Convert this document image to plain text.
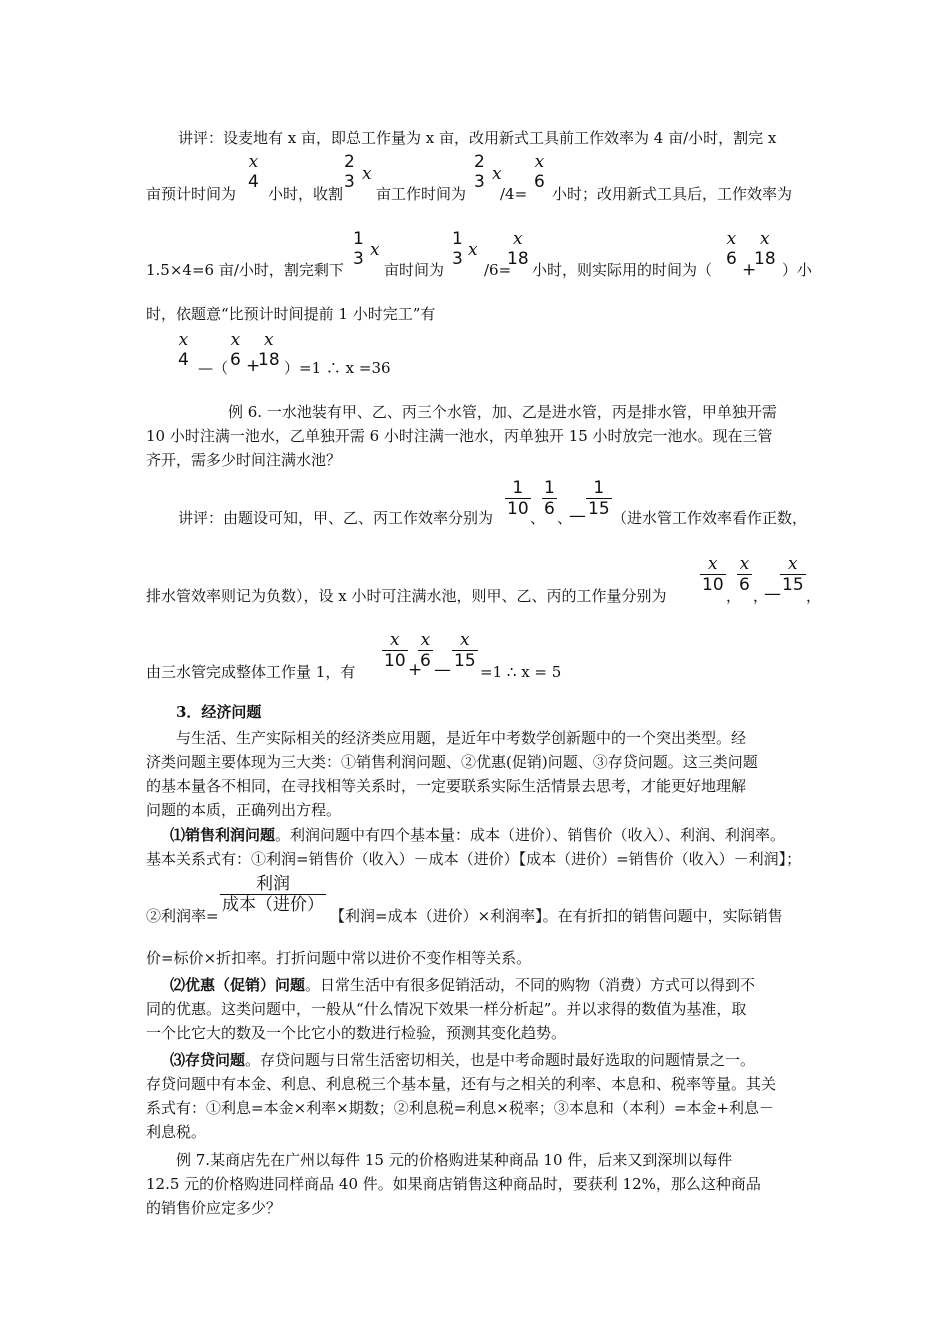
讲评：设麦地有 x 亩，即总工作量为 x 亩，改用新式工具前工作效率为 4 亩/小时，割完 x
x
4
2
3 x
2
3 x
x
6
亩预计时间为 小时，收割 亩工作时间为 /4= 小时；改用新式工具后，工作效率为
1
3 x
1
3 x
x
18
x
6
+
x
18
1.5×4=6 亩/小时，割完剩下	亩时间为	/6= 小时，则实际用的时间为（	）小
时，依题意“比预计时间提前 1 小时完工”有
x
4 —（
x
6 +
x
18 ）=1 ∴ x =36
例 6. 一水池装有甲、乙、丙三个水管，加、乙是进水管，丙是排水管，甲单独开需
10 小时注满一池水，乙单独开需 6 小时注满一池水，丙单独开 15 小时放完一池水。现在三管
齐开，需多少时间注满水池？
讲评：由题设可知，甲、乙、丙工作效率分别为
1
10 、
1
6 、
—
1
15 （进水管工作效率看作正数，
排水管效率则记为负数），设 x 小时可注满水池，则甲、乙、丙的工作量分别为
x
10
，
x
6
，
—
x
15
，
由三水管完成整体工作量 1，有
x
10 +
x
6 —
x
15
=1 ∴ x = 5
3．经济问题
与生活、生产实际相关的经济类应用题，是近年中考数学创新题中的一个突出类型。经
济类问题主要体现为三大类：①销售利润问题、②优惠(促销)问题、③存贷问题。这三类问题
的基本量各不相同，在寻找相等关系时，一定要联系实际生活情景去思考，才能更好地理解
问题的本质，正确列出方程。
⑴销售利润问题。利润问题中有四个基本量：成本（进价）、销售价（收入）、利润、利润率。
基本关系式有：①利润=销售价（收入）－成本（进价）【成本（进价）=销售价（收入）－利润】；
利润
成本（进价）
②利润率=	【利润=成本（进价）×利润率】。在有折扣的销售问题中，实际销售
价=标价×折扣率。打折问题中常以进价不变作相等关系。
⑵优惠（促销）问题。日常生活中有很多促销活动，不同的购物（消费）方式可以得到不
同的优惠。这类问题中，一般从“什么情况下效果一样分析起”。并以求得的数值为基准，取
一个比它大的数及一个比它小的数进行检验，预测其变化趋势。
⑶存贷问题。存贷问题与日常生活密切相关，也是中考命题时最好选取的问题情景之一。
存贷问题中有本金、利息、利息税三个基本量，还有与之相关的利率、本息和、税率等量。其关
系式有：①利息=本金×利率×期数；②利息税=利息×税率；③本息和（本利）=本金+利息－
利息税。
例 7.某商店先在广州以每件 15 元的价格购进某种商品 10 件，后来又到深圳以每件
12.5 元的价格购进同样商品 40 件。如果商店销售这种商品时，要获利 12%，那么这种商品
的销售价应定多少？
